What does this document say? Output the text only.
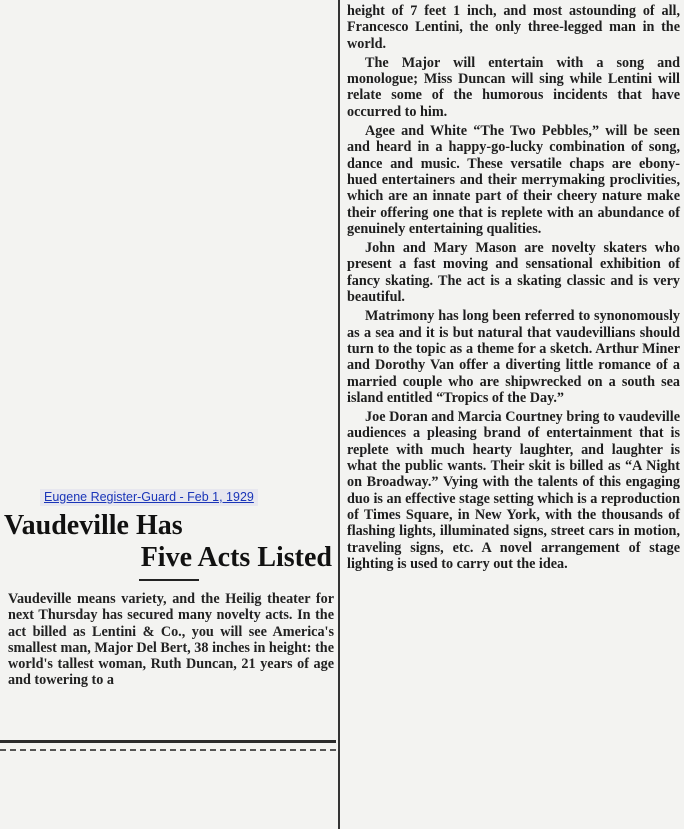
Eugene Register-Guard - Feb 1, 1929
Vaudeville Has
Five Acts Listed
Vaudeville means variety, and the Heilig theater for next Thursday has secured many novelty acts. In the act billed as Lentini & Co., you will see America's smallest man, Major Del Bert, 38 inches in height: the world's tallest woman, Ruth Duncan, 21 years of age and towering to a

height of 7 feet 1 inch, and most astounding of all, Francesco Lentini, the only three-legged man in the world.

The Major will entertain with a song and monologue; Miss Duncan will sing while Lentini will relate some of the humorous incidents that have occurred to him.

Agee and White “The Two Pebbles,” will be seen and heard in a happy-go-lucky combination of song, dance and music. These versatile chaps are ebony-hued entertainers and their merrymaking proclivities, which are an innate part of their cheery nature make their offering one that is replete with an abundance of genuinely entertaining qualities.

John and Mary Mason are novelty skaters who present a fast moving and sensational exhibition of fancy skating. The act is a skating classic and is very beautiful.

Matrimony has long been referred to synonomously as a sea and it is but natural that vaudevillians should turn to the topic as a theme for a sketch. Arthur Miner and Dorothy Van offer a diverting little romance of a married couple who are shipwrecked on a south sea island entitled “Tropics of the Day.”

Joe Doran and Marcia Courtney bring to vaudeville audiences a pleasing brand of entertainment that is replete with much hearty laughter, and laughter is what the public wants. Their skit is billed as “A Night on Broadway.” Vying with the talents of this engaging duo is an effective stage setting which is a reproduction of Times Square, in New York, with the thousands of flashing lights, illuminated signs, street cars in motion, traveling signs, etc. A novel arrangement of stage lighting is used to carry out the idea.
